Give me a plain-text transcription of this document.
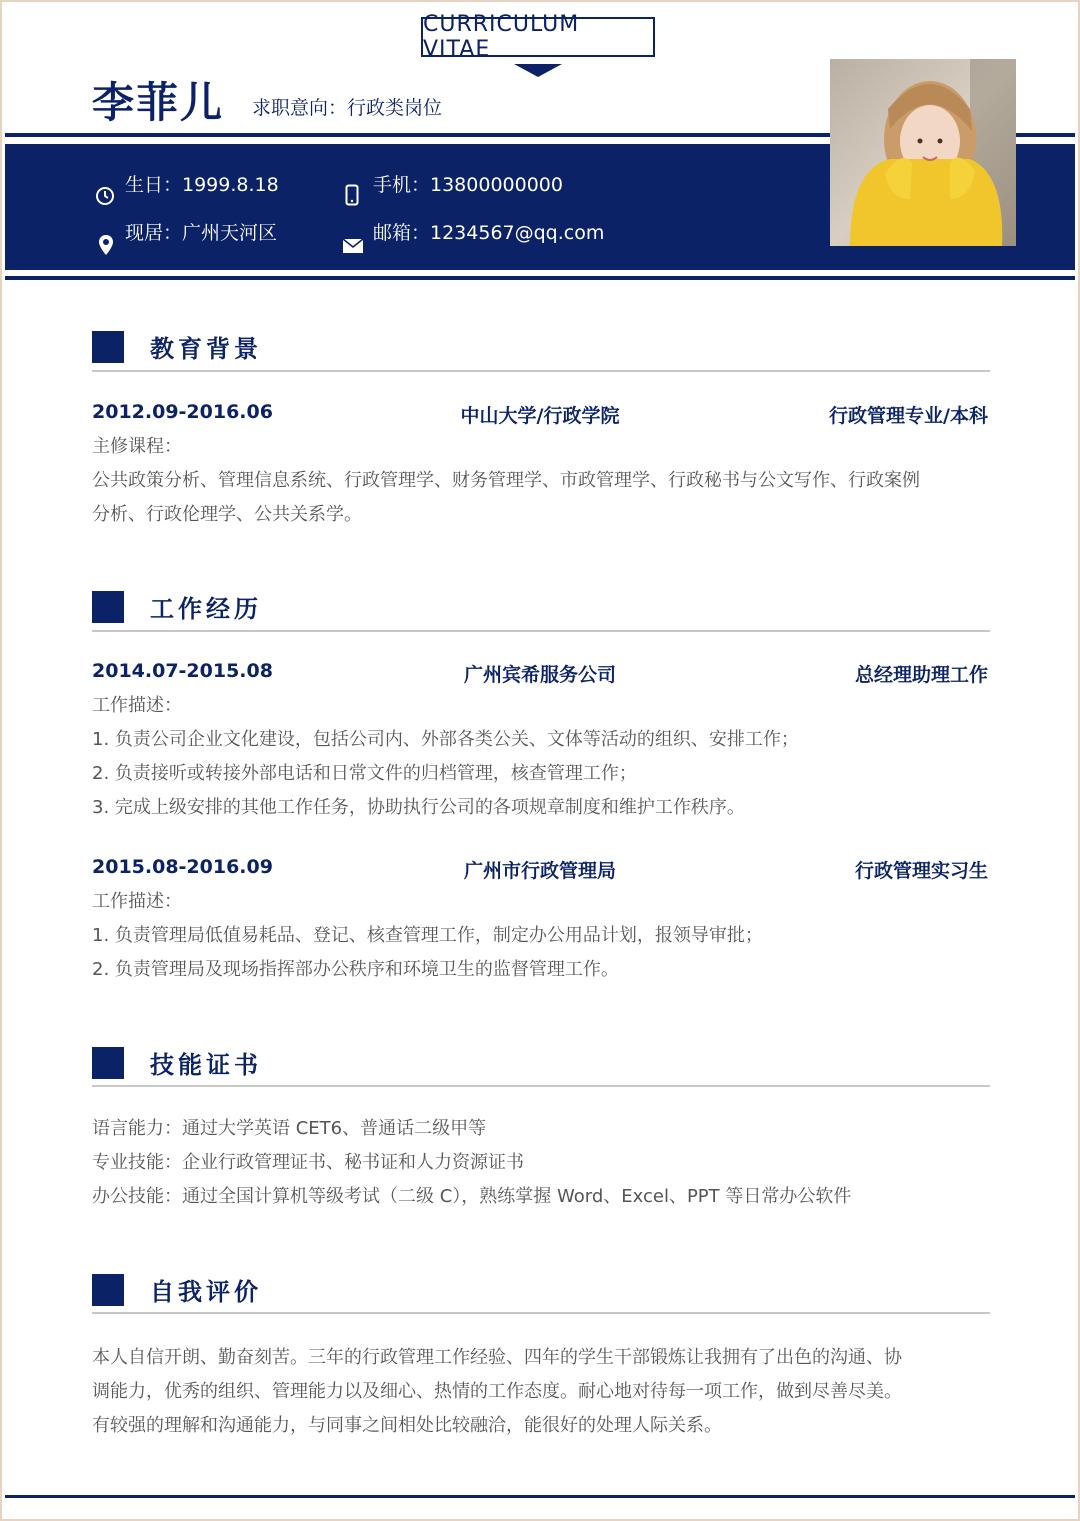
CURRICULUM VITAE
李菲儿 求职意向：行政类岗位
生日：1999.8.18
现居：广州天河区
手机：13800000000
邮箱：1234567@qq.com
教育背景
2012.09-2016.06	中山大学/行政学院	行政管理专业/本科
主修课程：
公共政策分析、管理信息系统、行政管理学、财务管理学、市政管理学、行政秘书与公文写作、行政案例
分析、行政伦理学、公共关系学。
工作经历
2014.07-2015.08	广州宾希服务公司	总经理助理工作
工作描述：
1. 负责公司企业文化建设，包括公司内、外部各类公关、文体等活动的组织、安排工作；
2. 负责接听或转接外部电话和日常文件的归档管理，核查管理工作；
3. 完成上级安排的其他工作任务，协助执行公司的各项规章制度和维护工作秩序。
2015.08-2016.09	广州市行政管理局	行政管理实习生
工作描述：
1. 负责管理局低值易耗品、登记、核查管理工作，制定办公用品计划，报领导审批；
2. 负责管理局及现场指挥部办公秩序和环境卫生的监督管理工作。
技能证书
语言能力：通过大学英语 CET6、普通话二级甲等
专业技能：企业行政管理证书、秘书证和人力资源证书
办公技能：通过全国计算机等级考试（二级 C），熟练掌握 Word、Excel、PPT 等日常办公软件
自我评价
本人自信开朗、勤奋刻苦。三年的行政管理工作经验、四年的学生干部锻炼让我拥有了出色的沟通、协
调能力，优秀的组织、管理能力以及细心、热情的工作态度。耐心地对待每一项工作，做到尽善尽美。
有较强的理解和沟通能力，与同事之间相处比较融洽，能很好的处理人际关系。
